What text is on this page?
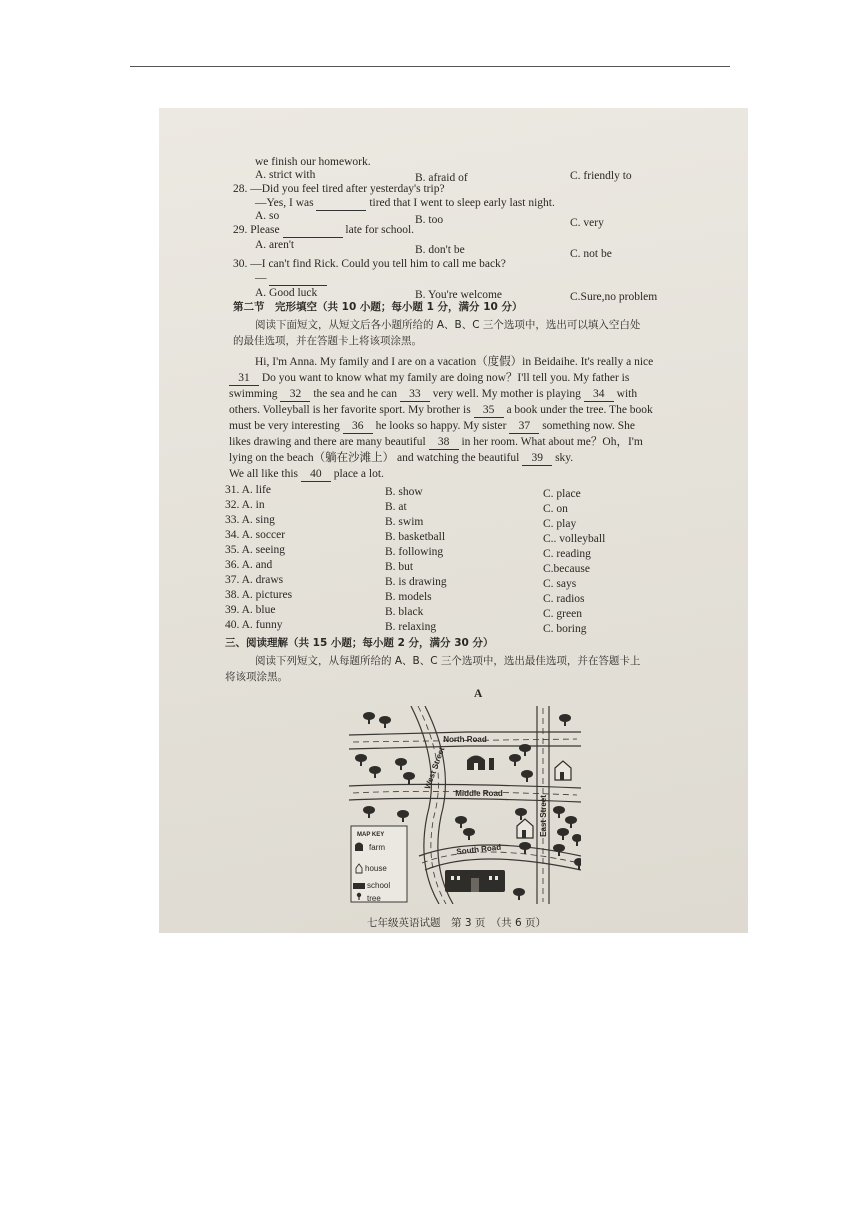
we finish our homework.
A. strict with	B. afraid of	C. friendly to
28. —Did you feel tired after yesterday's trip?
—Yes, I was	tired that I went to sleep early last night.
A. so	B. too	C. very
29. Please	late for school.
A. aren't	B. don't be	C. not be
30. —I can't find Rick. Could you tell him to call me back?
—
A. Good luck	B. You're welcome	C.Sure,no problem
第二节　完形填空（共 10 小题；每小题 1 分，满分 10 分）
阅读下面短文，从短文后各小题所给的 A、B、C 三个选项中，选出可以填入空白处
的最佳选项，并在答题卡上将该项涂黑。
Hi, I'm Anna. My family and I are on a vacation（度假）in Beidaihe. It's really a nice
31 Do you want to know what my family are doing now？I'll tell you. My father is
swimming 32 the sea and he can 33 very well. My mother is playing 34 with
others. Volleyball is her favorite sport. My brother is 35 a book under the tree. The book
must be very interesting 36 he looks so happy. My sister 37 something now. She
likes drawing and there are many beautiful 38 in her room. What about me？Oh，I'm
lying on the beach（躺在沙滩上） and watching the beautiful 39 sky.
We all like this 40 place a lot.
31. A. life	B. show	C. place
32. A. in	B. at	C. on
33. A. sing	B. swim	C. play
34. A. soccer	B. basketball	C.. volleyball
35. A. seeing	B. following	C. reading
36. A. and	B. but	C.because
37. A. draws	B. is drawing	C. says
38. A. pictures	B. models	C. radios
39. A. blue	B. black	C. green
40. A. funny	B. relaxing	C. boring
三、阅读理解（共 15 小题；每小题 2 分，满分 30 分）
阅读下列短文，从每题所给的 A、B、C 三个选项中，选出最佳选项，并在答题卡上
将该项涂黑。
A
North Road
Middle Road
South Road
West Street
East Street
MAP KEY
farm
house
school
tree
七年级英语试题　第 3 页　（共 6 页）
